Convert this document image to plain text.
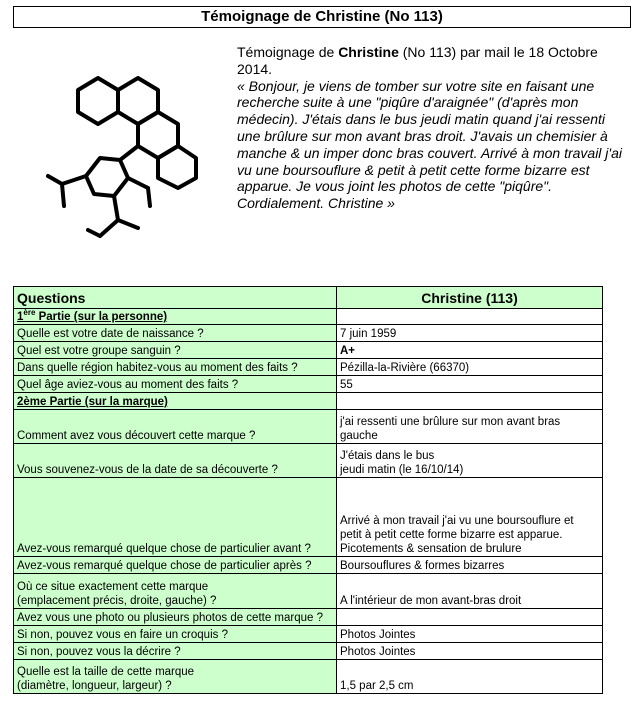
Témoignage de Christine (No 113)
Témoignage de Christine (No 113) par mail le 18 Octobre 2014.
« Bonjour, je viens de tomber sur votre site en faisant une recherche suite à une "piqûre d'araignée" (d'après mon médecin). J'étais dans le bus jeudi matin quand j'ai ressenti une brûlure sur mon avant bras droit. J'avais un chemisier à manche & un imper donc bras couvert. Arrivé à mon travail j'ai vu une boursouflure & petit à petit cette forme bizarre est apparue. Je vous joint les photos de cette "piqûre". Cordialement. Christine »
Questions	Christine (113)
1ère Partie (sur la personne)	
Quelle est votre date de naissance ?	7 juin 1959
Quel est votre groupe sanguin ?	A+
Dans quelle région habitez-vous au moment des faits ?	Pézilla-la-Rivière (66370)
Quel âge aviez-vous au moment des faits ?	55
2ème Partie (sur la marque)	
Comment avez vous découvert cette marque ?	j'ai ressenti une brûlure sur mon avant bras
gauche
Vous souvenez-vous de la date de sa découverte ?	J'étais dans le bus
jeudi matin (le 16/10/14)
Avez-vous remarqué quelque chose de particulier avant ?	Arrivé à mon travail j'ai vu une boursouflure et
petit à petit cette forme bizarre est apparue.
Picotements & sensation de brulure
Avez-vous remarqué quelque chose de particulier après ?	Boursouflures & formes bizarres
Où ce situe exactement cette marque
(emplacement précis, droite, gauche) ?	A l'intérieur de mon avant-bras droit
Avez vous une photo ou plusieurs photos de cette marque ?	
Si non, pouvez vous en faire un croquis ?	Photos Jointes
Si non, pouvez vous la décrire ?	Photos Jointes
Quelle est la taille de cette marque
(diamètre, longueur, largeur) ?	1,5 par 2,5 cm
